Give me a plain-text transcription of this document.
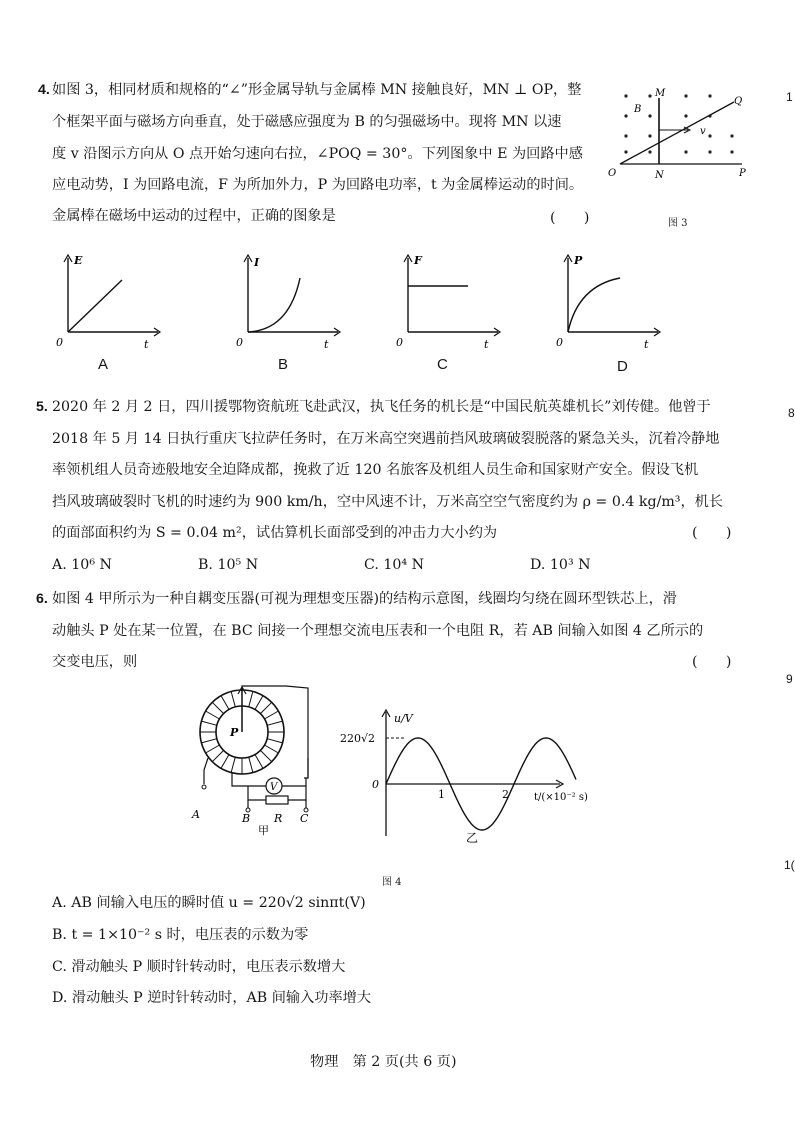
4. 如图 3，相同材质和规格的“∠”形金属导轨与金属棒 MN 接触良好，MN ⊥ OP，整
个框架平面与磁场方向垂直，处于磁感应强度为 B 的匀强磁场中。现将 MN 以速
度 v 沿图示方向从 O 点开始匀速向右拉，∠POQ = 30°。下列图象中 E 为回路中感
应电动势，I 为回路电流，F 为所加外力，P 为回路电功率，t 为金属棒运动的时间。
金属棒在磁场中运动的过程中，正确的图象是	(　　)
M
N
O	P
Q
B
v
图 3
E
t
0
A
I
t
0
B
F
t
0
C
P
t
0
D
5. 2020 年 2 月 2 日，四川援鄂物资航班飞赴武汉，执飞任务的机长是“中国民航英雄机长”刘传健。他曾于
2018 年 5 月 14 日执行重庆飞拉萨任务时，在万米高空突遇前挡风玻璃破裂脱落的紧急关头，沉着冷静地
率领机组人员奇迹般地安全迫降成都，挽救了近 120 名旅客及机组人员生命和国家财产安全。假设飞机
挡风玻璃破裂时飞机的时速约为 900 km/h，空中风速不计，万米高空空气密度约为 ρ = 0.4 kg/m³，机长
的面部面积约为 S = 0.04 m²，试估算机长面部受到的冲击力大小约为	(　　)
A. 10⁶ N	B. 10⁵ N	C. 10⁴ N	D. 10³ N
6. 如图 4 甲所示为一种自耦变压器(可视为理想变压器)的结构示意图，线圈均匀绕在圆环型铁芯上，滑
动触头 P 处在某一位置，在 BC 间接一个理想交流电压表和一个电阻 R，若 AB 间输入如图 4 乙所示的
交变电压，则	(　　)
P
V
A	B R C
甲
u/V
220√2
0
1	2	t/(×10⁻² s)
乙
图 4
A. AB 间输入电压的瞬时值 u = 220√2 sinπt(V)
B. t = 1×10⁻² s 时，电压表的示数为零
C. 滑动触头 P 顺时针转动时，电压表示数增大
D. 滑动触头 P 逆时针转动时，AB 间输入功率增大
物理　第 2 页(共 6 页)
1
8
9
1(
